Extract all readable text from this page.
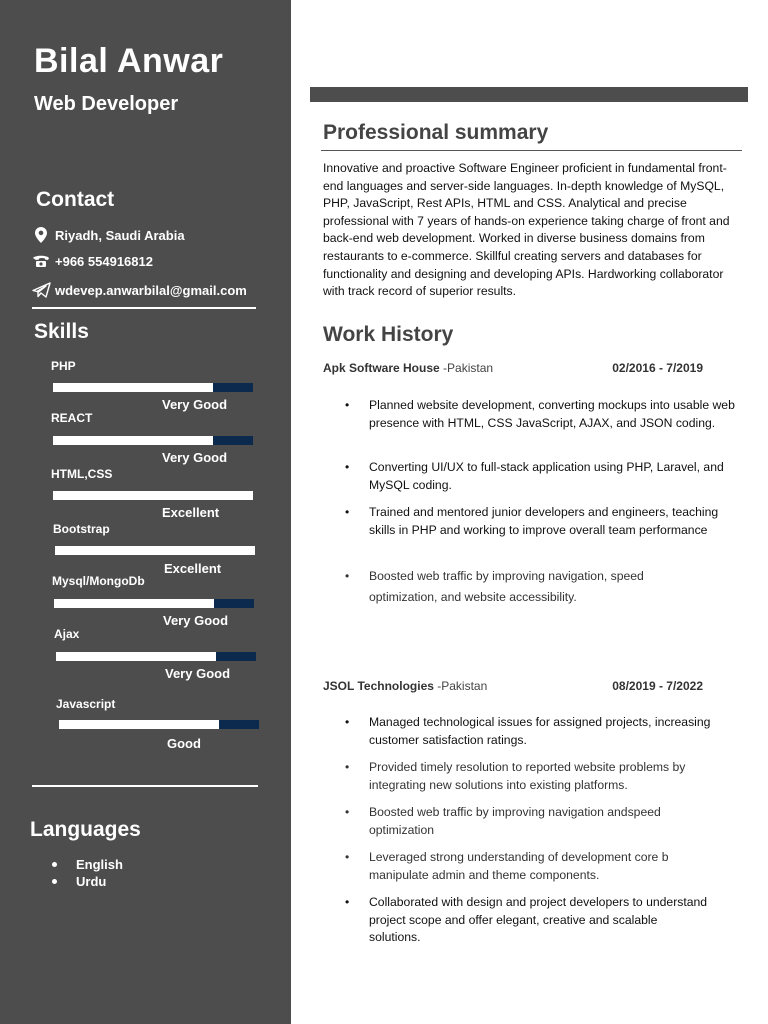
Bilal Anwar
Web Developer
Contact
Riyadh, Saudi Arabia
+966 554916812
wdevep.anwarbilal@gmail.com
Skills
PHP
Very Good
REACT
Very Good
HTML,CSS
Excellent
Bootstrap
Excellent
Mysql/MongoDb
Very Good
Ajax
Very Good
Javascript
Good
Languages
English
Urdu
Professional summary
Innovative and proactive Software Engineer proficient in fundamental front-end languages and server-side languages. In-depth knowledge of MySQL, PHP, JavaScript, Rest APIs, HTML and CSS. Analytical and precise professional with 7 years of hands-on experience taking charge of front and back-end web development. Worked in diverse business domains from restaurants to e-commerce. Skillful creating servers and databases for functionality and designing and developing APIs. Hardworking collaborator with track record of superior results.
Work History
Apk Software House -Pakistan	02/2016 - 7/2019
•	Planned website development, converting mockups into usable web presence with HTML, CSS JavaScript, AJAX, and JSON coding.
•	Converting UI/UX to full-stack application using PHP, Laravel, and MySQL coding.
•	Trained and mentored junior developers and engineers, teaching skills in PHP and working to improve overall team performance
•	Boosted web traffic by improving navigation, speed optimization, and website accessibility.
JSOL Technologies -Pakistan	08/2019 - 7/2022
•	Managed technological issues for assigned projects, increasing customer satisfaction ratings.
•	Provided timely resolution to reported website problems by integrating new solutions into existing platforms.
•	Boosted web traffic by improving navigation andspeed optimization
•	Leveraged strong understanding of development core b manipulate admin and theme components.
•	Collaborated with design and project developers to understand project scope and offer elegant, creative and scalable solutions.
